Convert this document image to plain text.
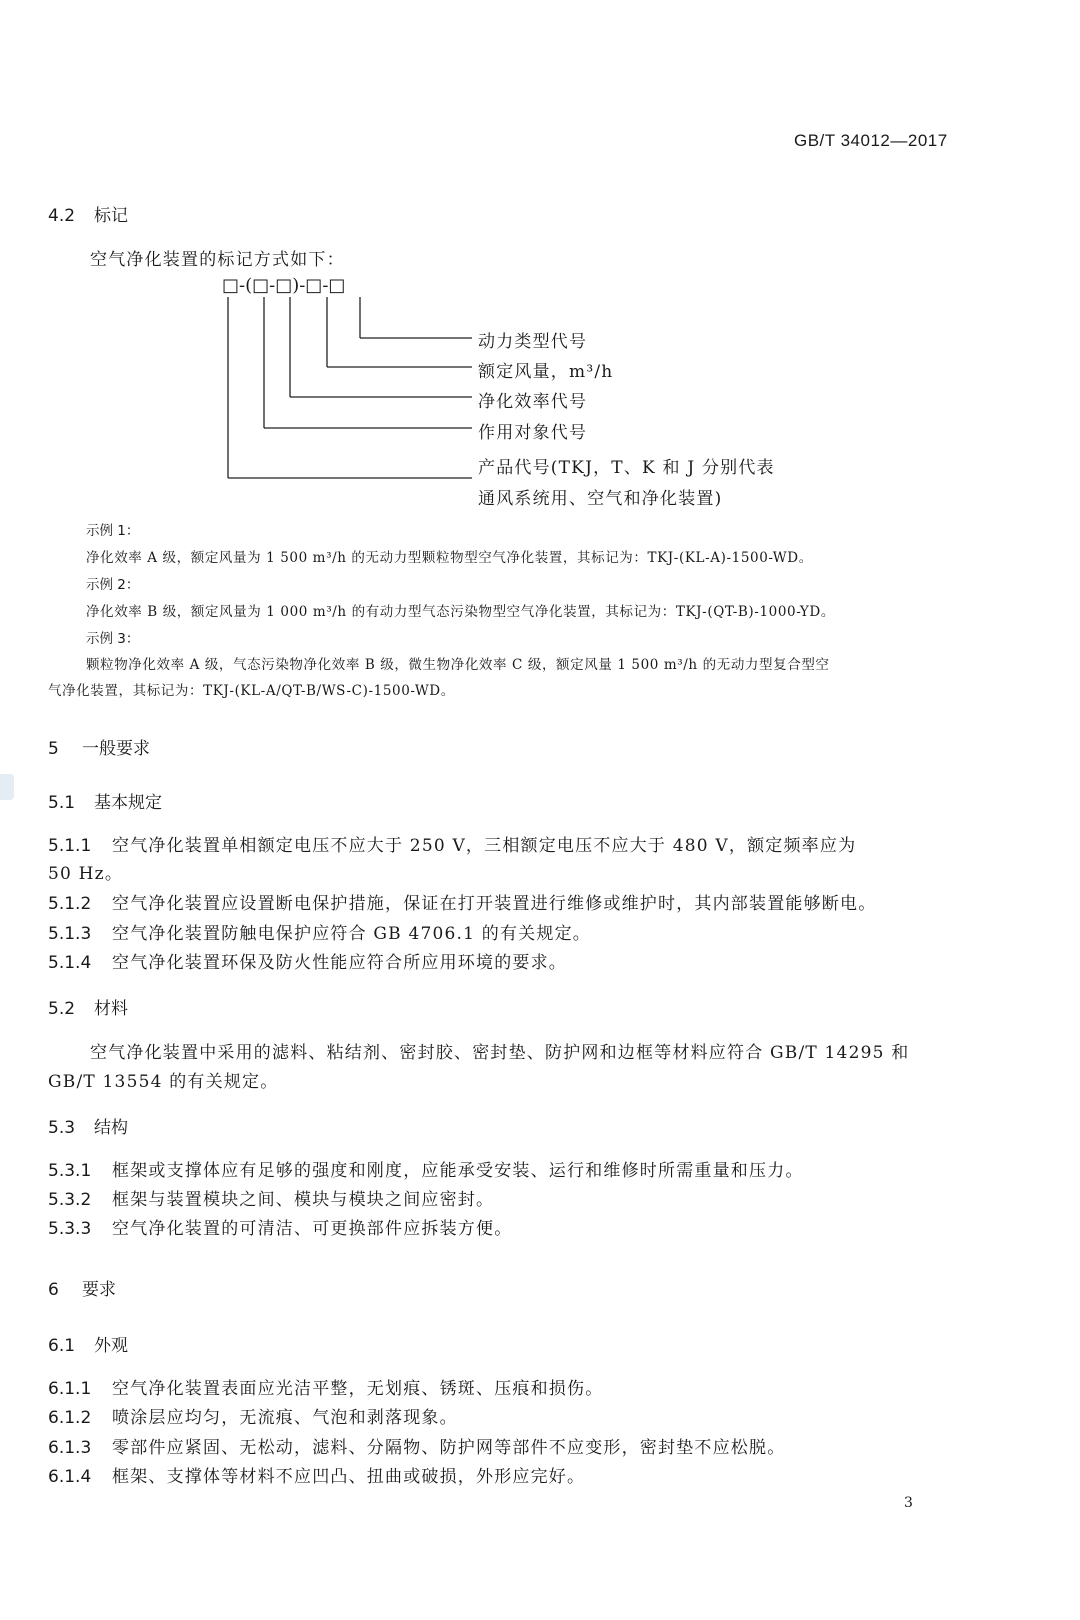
GB/T 34012—2017
4.2 标记
空气净化装置的标记方式如下：
□-(□-□)-□-□
动力类型代号
额定风量，m³/h
净化效率代号
作用对象代号
产品代号(TKJ，T、K 和 J 分别代表
通风系统用、空气和净化装置)
示例 1：
净化效率 A 级，额定风量为 1 500 m³/h 的无动力型颗粒物型空气净化装置，其标记为：TKJ-(KL-A)-1500-WD。
示例 2：
净化效率 B 级，额定风量为 1 000 m³/h 的有动力型气态污染物型空气净化装置，其标记为：TKJ-(QT-B)-1000-YD。
示例 3：
颗粒物净化效率 A 级，气态污染物净化效率 B 级，微生物净化效率 C 级，额定风量 1 500 m³/h 的无动力型复合型空
气净化装置，其标记为：TKJ-(KL-A/QT-B/WS-C)-1500-WD。
5 一般要求
5.1 基本规定
5.1.1 空气净化装置单相额定电压不应大于 250 V，三相额定电压不应大于 480 V，额定频率应为
50 Hz。
5.1.2 空气净化装置应设置断电保护措施，保证在打开装置进行维修或维护时，其内部装置能够断电。
5.1.3 空气净化装置防触电保护应符合 GB 4706.1 的有关规定。
5.1.4 空气净化装置环保及防火性能应符合所应用环境的要求。
5.2 材料
空气净化装置中采用的滤料、粘结剂、密封胶、密封垫、防护网和边框等材料应符合 GB/T 14295 和
GB/T 13554 的有关规定。
5.3 结构
5.3.1 框架或支撑体应有足够的强度和刚度，应能承受安装、运行和维修时所需重量和压力。
5.3.2 框架与装置模块之间、模块与模块之间应密封。
5.3.3 空气净化装置的可清洁、可更换部件应拆装方便。
6 要求
6.1 外观
6.1.1 空气净化装置表面应光洁平整，无划痕、锈斑、压痕和损伤。
6.1.2 喷涂层应均匀，无流痕、气泡和剥落现象。
6.1.3 零部件应紧固、无松动，滤料、分隔物、防护网等部件不应变形，密封垫不应松脱。
6.1.4 框架、支撑体等材料不应凹凸、扭曲或破损，外形应完好。
3
